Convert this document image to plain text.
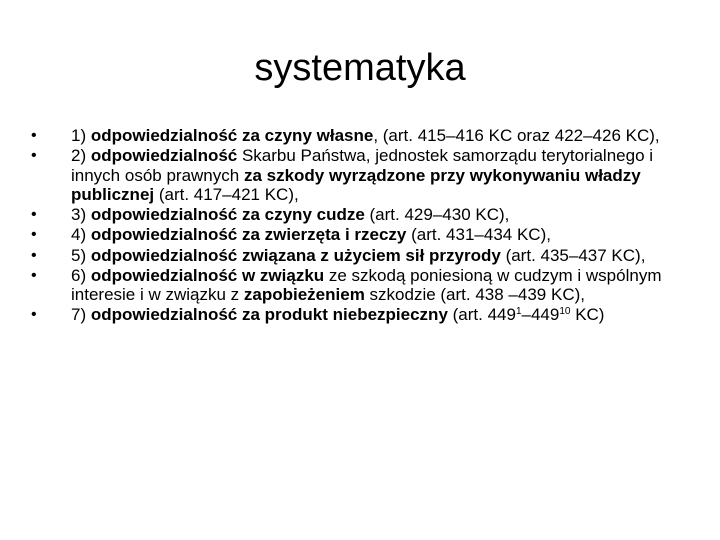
systematyka
• 1) odpowiedzialność za czyny własne, (art. 415–416 KC oraz 422–426 KC),
• 2) odpowiedzialność Skarbu Państwa, jednostek samorządu terytorialnego i innych osób prawnych za szkody wyrządzone przy wykonywaniu władzy publicznej (art. 417–421 KC),
• 3) odpowiedzialność za czyny cudze (art. 429–430 KC),
• 4) odpowiedzialność za zwierzęta i rzeczy (art. 431–434 KC),
• 5) odpowiedzialność związana z użyciem sił przyrody (art. 435–437 KC),
• 6) odpowiedzialność w związku ze szkodą poniesioną w cudzym i wspólnym interesie i w związku z zapobieżeniem szkodzie (art. 438 –439 KC),
• 7) odpowiedzialność za produkt niebezpieczny (art. $449^1-449^{10}$ KC)
